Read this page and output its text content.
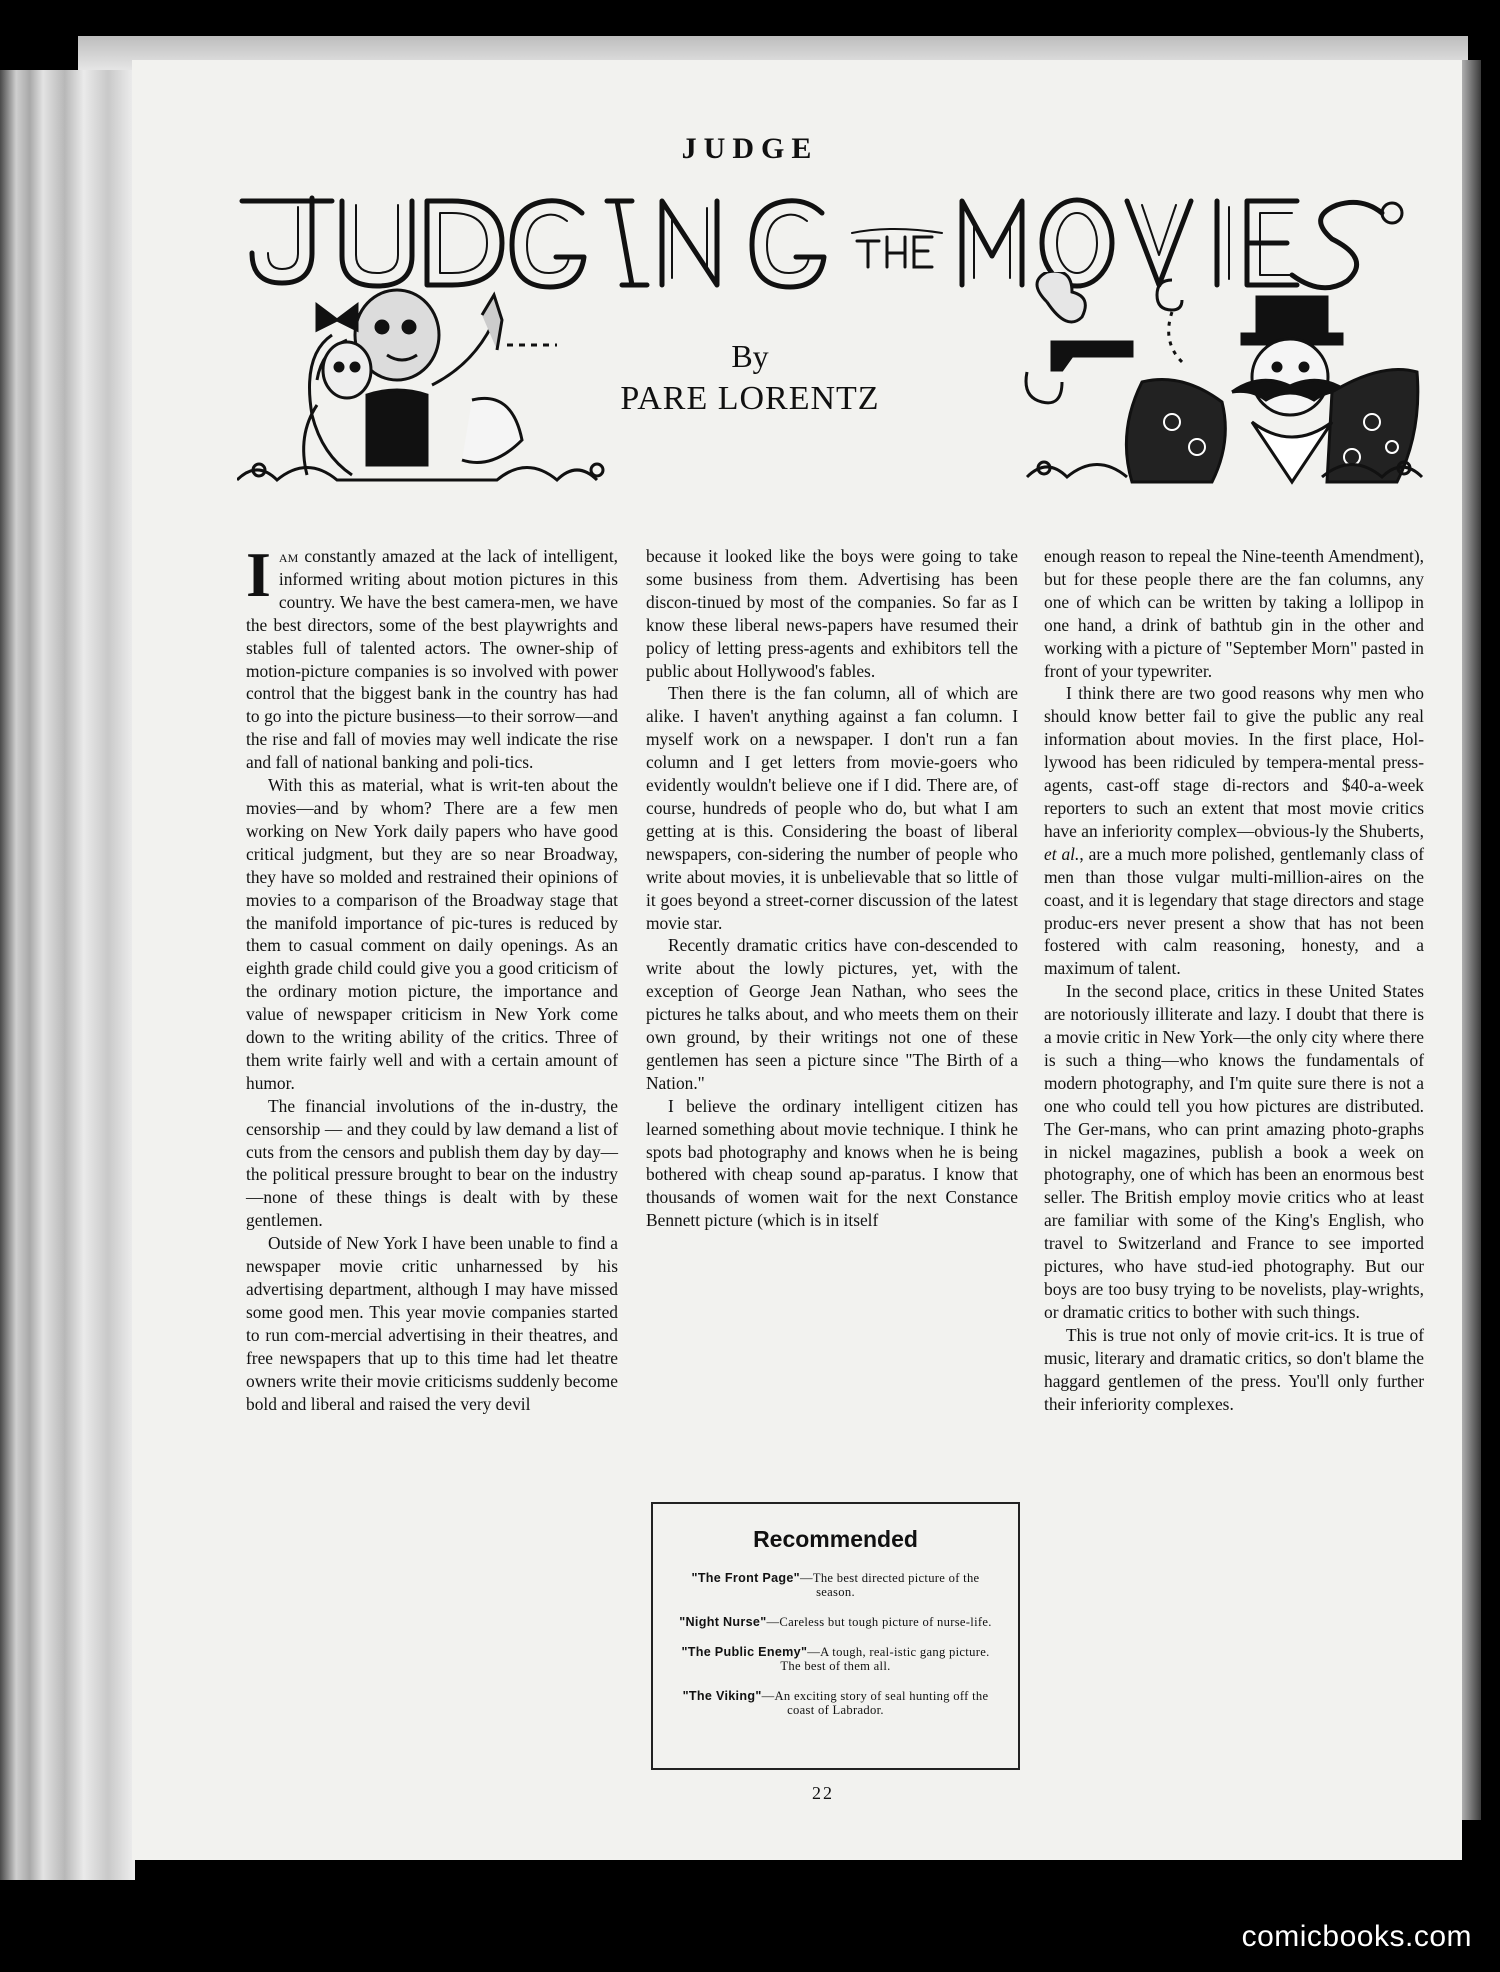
JUDGE
By
PARE LORENTZ

Iam constantly amazed at the lack of intelligent, informed writing about motion pictures in this country. We have the best camera-men, we have the best directors, some of the best playwrights and stables full of talented actors. The owner-ship of motion-picture companies is so involved with power control that the biggest bank in the country has had to go into the picture business—to their sorrow—and the rise and fall of movies may well indicate the rise and fall of national banking and poli-tics.

With this as material, what is writ-ten about the movies—and by whom? There are a few men working on New York daily papers who have good critical judgment, but they are so near Broadway, they have so molded and restrained their opinions of movies to a comparison of the Broadway stage that the manifold importance of pic-tures is reduced by them to casual comment on daily openings. As an eighth grade child could give you a good criticism of the ordinary motion picture, the importance and value of newspaper criticism in New York come down to the writing ability of the critics. Three of them write fairly well and with a certain amount of humor.

The financial involutions of the in-dustry, the censorship — and they could by law demand a list of cuts from the censors and publish them day by day—the political pressure brought to bear on the industry—none of these things is dealt with by these gentlemen.

Outside of New York I have been unable to find a newspaper movie critic unharnessed by his advertising department, although I may have missed some good men. This year movie companies started to run com-mercial advertising in their theatres, and free newspapers that up to this time had let theatre owners write their movie criticisms suddenly become bold and liberal and raised the very devil

because it looked like the boys were going to take some business from them. Advertising has been discon-tinued by most of the companies. So far as I know these liberal news-papers have resumed their policy of letting press-agents and exhibitors tell the public about Hollywood's fables.

Then there is the fan column, all of which are alike. I haven't anything against a fan column. I myself work on a newspaper. I don't run a fan column and I get letters from movie-goers who evidently wouldn't believe one if I did. There are, of course, hundreds of people who do, but what I am getting at is this. Considering the boast of liberal newspapers, con-sidering the number of people who write about movies, it is unbelievable that so little of it goes beyond a street-corner discussion of the latest movie star.

Recently dramatic critics have con-descended to write about the lowly pictures, yet, with the exception of George Jean Nathan, who sees the pictures he talks about, and who meets them on their own ground, by their writings not one of these gentlemen has seen a picture since "The Birth of a Nation."

I believe the ordinary intelligent citizen has learned something about movie technique. I think he spots bad photography and knows when he is being bothered with cheap sound ap-paratus. I know that thousands of women wait for the next Constance Bennett picture (which is in itself

Recommended
"The Front Page"—The best directed picture of the season.
"Night Nurse"—Careless but tough picture of nurse-life.
"The Public Enemy"—A tough, real-istic gang picture. The best of them all.
"The Viking"—An exciting story of seal hunting off the coast of Labrador.

enough reason to repeal the Nine-teenth Amendment), but for these people there are the fan columns, any one of which can be written by taking a lollipop in one hand, a drink of bathtub gin in the other and working with a picture of "September Morn" pasted in front of your typewriter.

I think there are two good reasons why men who should know better fail to give the public any real information about movies. In the first place, Hol-lywood has been ridiculed by tempera-mental press-agents, cast-off stage di-rectors and $40-a-week reporters to such an extent that most movie critics have an inferiority complex—obvious-ly the Shuberts, et al., are a much more polished, gentlemanly class of men than those vulgar multi-million-aires on the coast, and it is legendary that stage directors and stage produc-ers never present a show that has not been fostered with calm reasoning, honesty, and a maximum of talent.

In the second place, critics in these United States are notoriously illiterate and lazy. I doubt that there is a movie critic in New York—the only city where there is such a thing—who knows the fundamentals of modern photography, and I'm quite sure there is not a one who could tell you how pictures are distributed. The Ger-mans, who can print amazing photo-graphs in nickel magazines, publish a book a week on photography, one of which has been an enormous best seller. The British employ movie critics who at least are familiar with some of the King's English, who travel to Switzerland and France to see imported pictures, who have stud-ied photography. But our boys are too busy trying to be novelists, play-wrights, or dramatic critics to bother with such things.

This is true not only of movie crit-ics. It is true of music, literary and dramatic critics, so don't blame the haggard gentlemen of the press. You'll only further their inferiority complexes.

22
comicbooks.com
